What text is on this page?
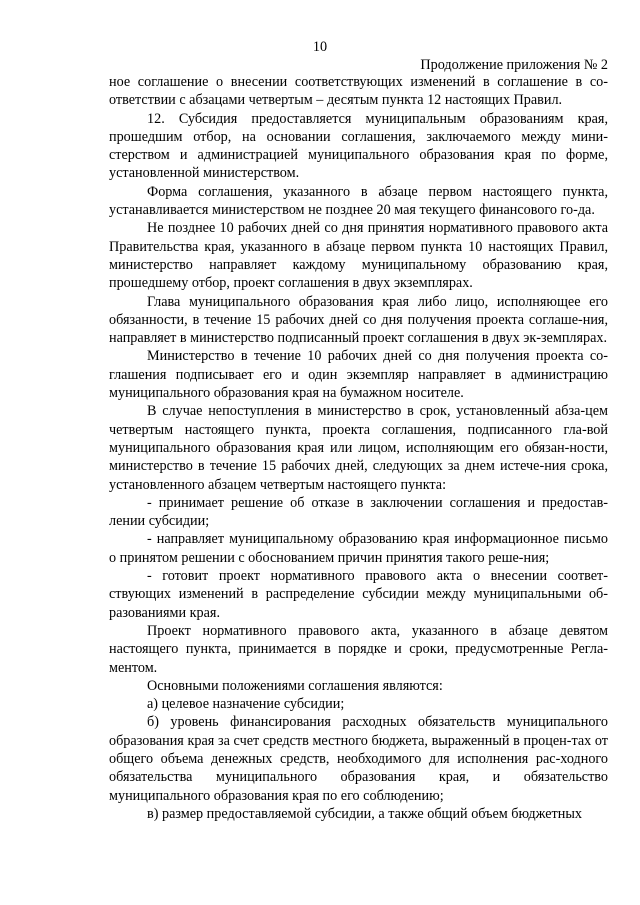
10
Продолжение приложения № 2

ное соглашение о внесении соответствующих изменений в соглашение в со-ответствии с абзацами четвертым – десятым пункта 12 настоящих Правил.

12. Субсидия предоставляется муниципальным образованиям края, прошедшим отбор, на основании соглашения, заключаемого между мини-стерством и администрацией муниципального образования края по форме, установленной министерством.

Форма соглашения, указанного в абзаце первом настоящего пункта, устанавливается министерством не позднее 20 мая текущего финансового го-да.

Не позднее 10 рабочих дней со дня принятия нормативного правового акта Правительства края, указанного в абзаце первом пункта 10 настоящих Правил, министерство направляет каждому муниципальному образованию края, прошедшему отбор, проект соглашения в двух экземплярах.

Глава муниципального образования края либо лицо, исполняющее его обязанности, в течение 15 рабочих дней со дня получения проекта соглаше-ния, направляет в министерство подписанный проект соглашения в двух эк-земплярах.

Министерство в течение 10 рабочих дней со дня получения проекта со-глашения подписывает его и один экземпляр направляет в администрацию муниципального образования края на бумажном носителе.

В случае непоступления в министерство в срок, установленный абза-цем четвертым настоящего пункта, проекта соглашения, подписанного гла-вой муниципального образования края или лицом, исполняющим его обязан-ности, министерство в течение 15 рабочих дней, следующих за днем истече-ния срока, установленного абзацем четвертым настоящего пункта:

- принимает решение об отказе в заключении соглашения и предостав-лении субсидии;

- направляет муниципальному образованию края информационное письмо о принятом решении с обоснованием причин принятия такого реше-ния;

- готовит проект нормативного правового акта о внесении соответ-ствующих изменений в распределение субсидии между муниципальными об-разованиями края.

Проект нормативного правового акта, указанного в абзаце девятом настоящего пункта, принимается в порядке и сроки, предусмотренные Регла-ментом.

Основными положениями соглашения являются:

а) целевое назначение субсидии;

б) уровень финансирования расходных обязательств муниципального образования края за счет средств местного бюджета, выраженный в процен-тах от общего объема денежных средств, необходимого для исполнения рас-ходного обязательства муниципального образования края, и обязательство муниципального образования края по его соблюдению;

в) размер предоставляемой субсидии, а также общий объем бюджетных
